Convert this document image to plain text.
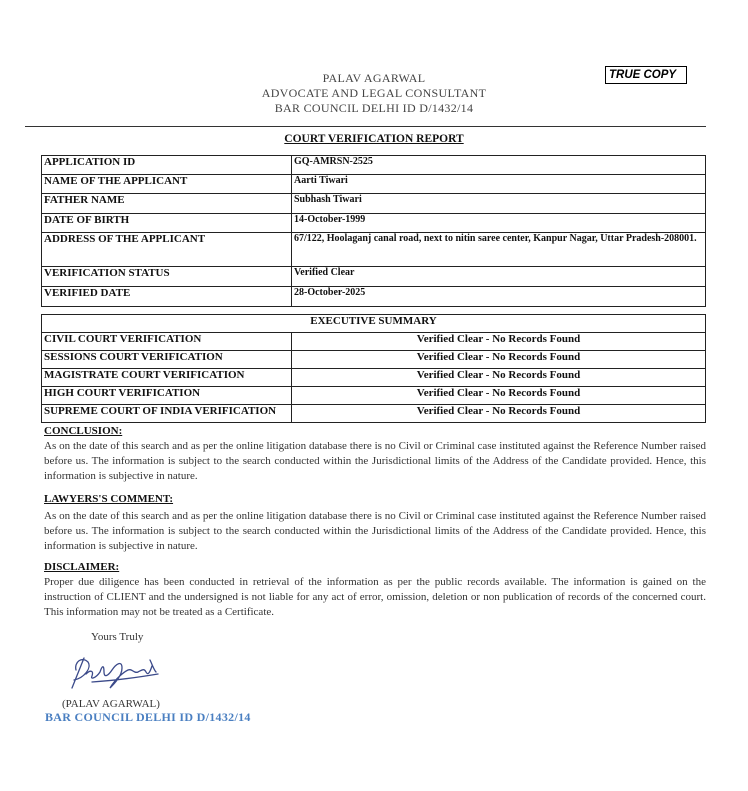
PALAV AGARWAL
ADVOCATE AND LEGAL CONSULTANT
BAR COUNCIL DELHI ID D/1432/14
TRUE COPY
COURT VERIFICATION REPORT
APPLICATION ID	GQ-AMRSN-2525
NAME OF THE APPLICANT	Aarti Tiwari
FATHER NAME	Subhash Tiwari
DATE OF BIRTH	14-October-1999
ADDRESS OF THE APPLICANT	67/122, Hoolaganj canal road, next to nitin saree center, Kanpur Nagar, Uttar Pradesh-208001.
VERIFICATION STATUS	Verified Clear
VERIFIED DATE	28-October-2025
EXECUTIVE SUMMARY	
CIVIL COURT VERIFICATION	Verified Clear - No Records Found
SESSIONS COURT VERIFICATION	Verified Clear - No Records Found
MAGISTRATE COURT VERIFICATION	Verified Clear - No Records Found
HIGH COURT VERIFICATION	Verified Clear - No Records Found
SUPREME COURT OF INDIA VERIFICATION	Verified Clear - No Records Found
CONCLUSION:
As on the date of this search and as per the online litigation database there is no Civil or Criminal case instituted against the Reference Number raised before us. The information is subject to the search conducted within the Jurisdictional limits of the Address of the Candidate provided. Hence, this information is subjective in nature.
LAWYERS'S COMMENT:
As on the date of this search and as per the online litigation database there is no Civil or Criminal case instituted against the Reference Number raised before us. The information is subject to the search conducted within the Jurisdictional limits of the Address of the Candidate provided. Hence, this information is subjective in nature.
DISCLAIMER:
Proper due diligence has been conducted in retrieval of the information as per the public records available. The information is gained on the instruction of CLIENT and the undersigned is not liable for any act of error, omission, deletion or non publication of records of the concerned court. This information may not be treated as a Certificate.
Yours Truly
(PALAV AGARWAL)
BAR COUNCIL DELHI ID D/1432/14
